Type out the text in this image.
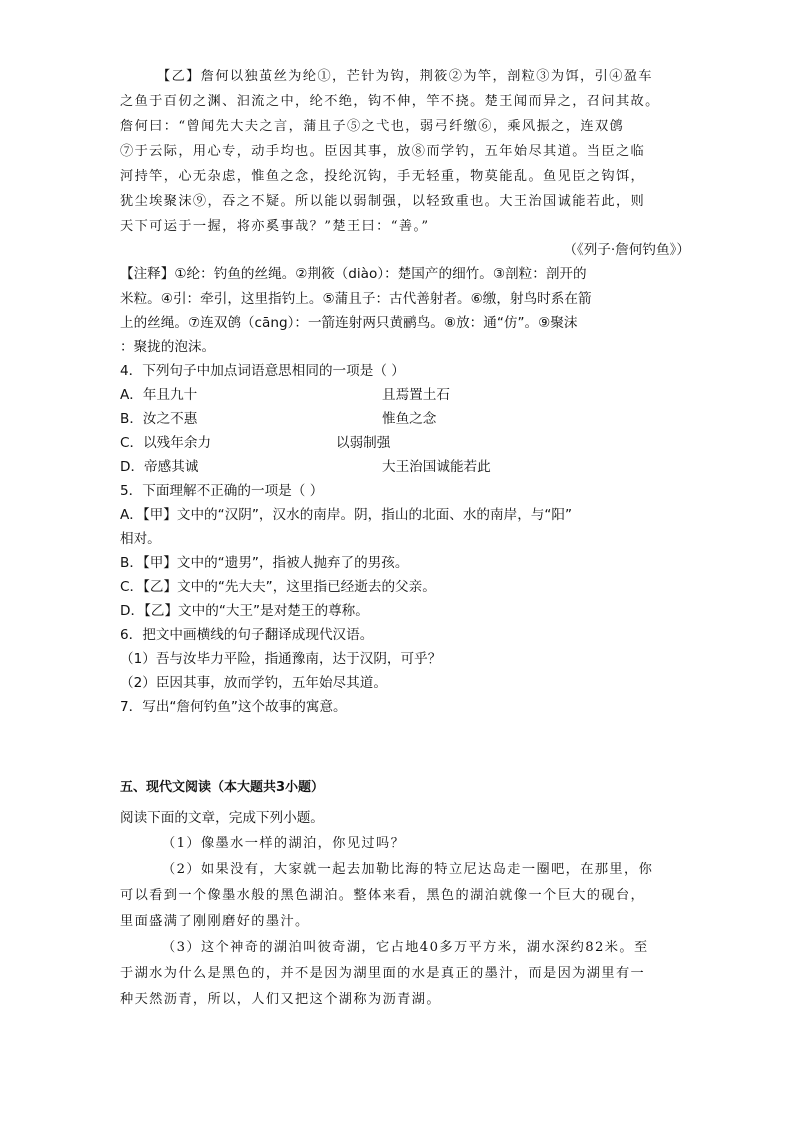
【乙】詹何以独茧丝为纶①，芒针为钩，荆筱②为竿，剖粒③为饵，引④盈车
之鱼于百仞之渊、汩流之中，纶不绝，钩不伸，竿不挠。楚王闻而异之，召问其故。
詹何曰：“曾闻先大夫之言，蒲且子⑤之弋也，弱弓纤缴⑥，乘风振之，连双鸧
⑦于云际，用心专，动手均也。臣因其事，放⑧而学钓，五年始尽其道。当臣之临
河持竿，心无杂虑，惟鱼之念，投纶沉钩，手无轻重，物莫能乱。鱼见臣之钩饵，
犹尘埃聚沫⑨，吞之不疑。所以能以弱制强，以轻致重也。大王治国诚能若此，则
天下可运于一握，将亦奚事哉？”楚王曰：“善。”
（《列子·詹何钓鱼》）
【注释】①纶：钓鱼的丝绳。②荆筱（diào）：楚国产的细竹。③剖粒：剖开的
米粒。④引：牵引，这里指钓上。⑤蒲且子：古代善射者。⑥缴，射鸟时系在箭
上的丝绳。⑦连双鸧（cāng）：一箭连射两只黄鹂鸟。⑧放：通“仿”。⑨聚沫
：聚拢的泡沫。
4．下列句子中加点词语意思相同的一项是（ ）
A．年且九十	且焉置土石
B．汝之不惠	惟鱼之念
C．以残年余力	以弱制强
D．帝感其诚	大王治国诚能若此
5．下面理解不正确的一项是（ ）
A．【甲】文中的“汉阴”，汉水的南岸。阴，指山的北面、水的南岸，与“阳”
相对。
B．【甲】文中的“遗男”，指被人抛弃了的男孩。
C．【乙】文中的“先大夫”，这里指已经逝去的父亲。
D．【乙】文中的“大王”是对楚王的尊称。
6．把文中画横线的句子翻译成现代汉语。
（1）吾与汝毕力平险，指通豫南，达于汉阴，可乎？
（2）臣因其事，放而学钓，五年始尽其道。
7．写出“詹何钓鱼”这个故事的寓意。
五、现代文阅读（本大题共3小题）
阅读下面的文章，完成下列小题。
（1）像墨水一样的湖泊，你见过吗？
（2）如果没有，大家就一起去加勒比海的特立尼达岛走一圈吧，在那里，你
可以看到一个像墨水般的黑色湖泊。整体来看，黑色的湖泊就像一个巨大的砚台，
里面盛满了刚刚磨好的墨汁。
（3）这个神奇的湖泊叫彼奇湖，它占地40多万平方米，湖水深约82米。至
于湖水为什么是黑色的，并不是因为湖里面的水是真正的墨汁，而是因为湖里有一
种天然沥青，所以，人们又把这个湖称为沥青湖。
